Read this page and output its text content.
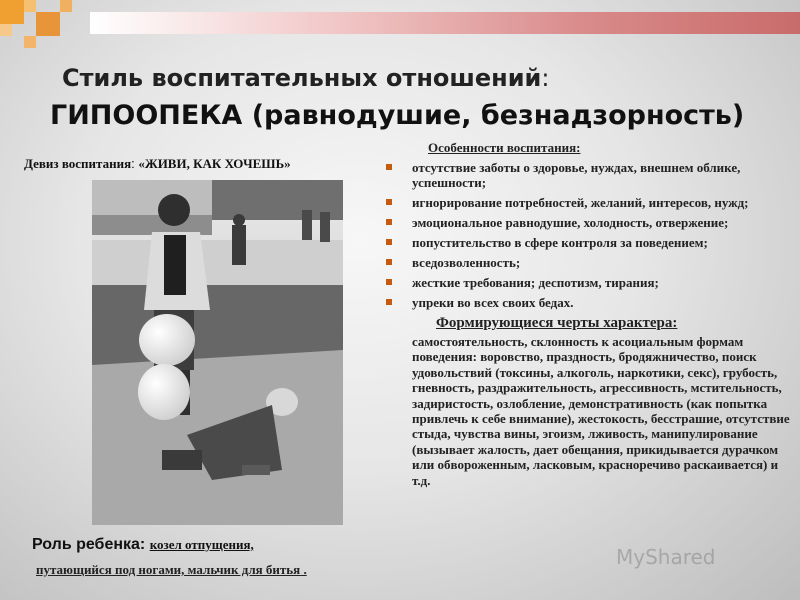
Стиль воспитательных отношений:
ГИПООПЕКА (равнодушие, безнадзорность)
Девиз воспитания: «ЖИВИ, КАК ХОЧЕШЬ»
Роль ребенка: козел отпущения,
путающийся под ногами, мальчик для битья .
Особенности воспитания:
отсутствие заботы о здоровье, нуждах, внешнем облике, успешности;
игнорирование потребностей, желаний, интересов, нужд;
эмоциональное равнодушие, холодность, отвержение;
попустительство в сфере контроля за поведением;
вседозволенность;
жесткие требования; деспотизм, тирания;
упреки во всех своих бедах.
Формирующиеся черты характера:

самостоятельность, склонность к асоциальным формам поведения: воровство, праздность, бродяжничество, поиск удовольствий (токсины, алкоголь, наркотики, секс), грубость, гневность, раздражительность, агрессивность, мстительность, задиристость, озлобление, демонстративность (как попытка привлечь к себе внимание), жестокость, бесстрашие, отсутствие стыда, чувства вины, эгоизм, лживость, манипулирование (вызывает жалость, дает обещания, прикидывается дурачком или обвороженным, ласковым, красноречиво раскаивается) и т.д.

MyShared
